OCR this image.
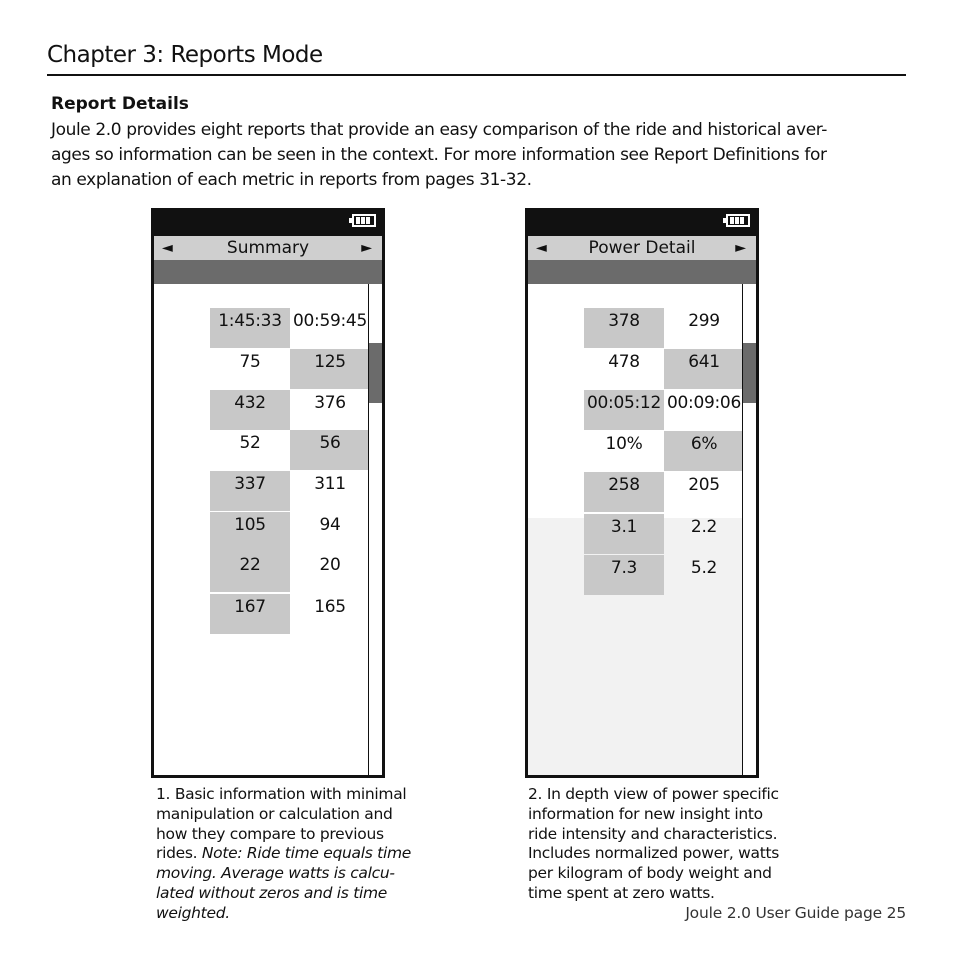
Chapter 3: Reports Mode
Report Details
Joule 2.0 provides eight reports that provide an easy comparison of the ride and historical aver-
ages so information can be seen in the context. For more information see Report Definitions for
an explanation of each metric in reports from pages 31-32.
◄	Summary	►
1:45:33 00:59:45
75	125
432	376
52	56
337	311
105	94
22	20
167	165
◄ Power Detail	►
378	299
478	641
00:05:12 00:09:06
10%	6%
258	205
3.1	2.2
7.3	5.2
1. Basic information with minimal
manipulation or calculation and
how they compare to previous
rides. Note: Ride time equals time
moving. Average watts is calcu-
lated without zeros and is time
weighted.
2. In depth view of power specific
information for new insight into
ride intensity and characteristics.
Includes normalized power, watts
per kilogram of body weight and
time spent at zero watts.
Joule 2.0 User Guide page 25
